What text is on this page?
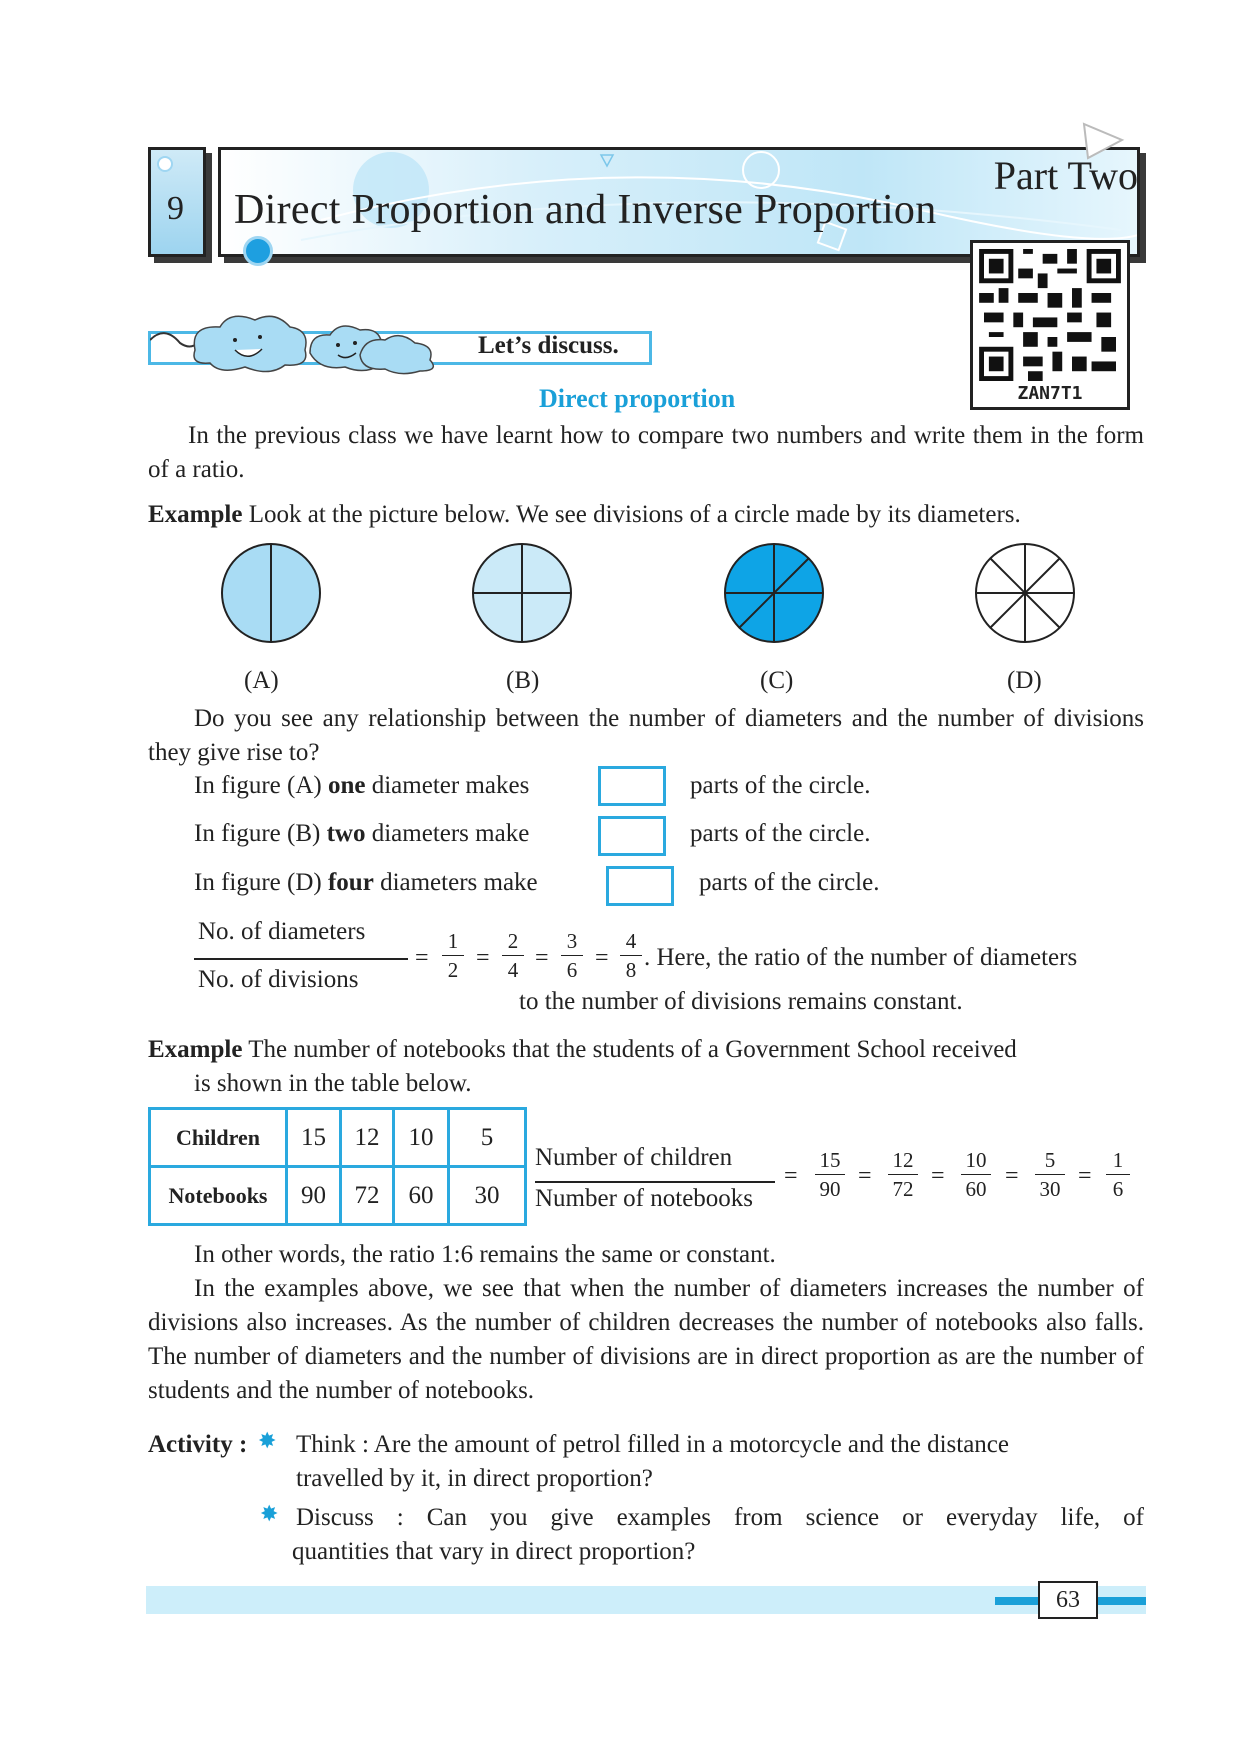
9
Part Two
Direct Proportion and Inverse Proportion
ZAN7T1
Let’s discuss.
Direct proportion
In the previous class we have learnt how to compare two numbers and write them in the form of a ratio.
Example Look at the picture below. We see divisions of a circle made by its diameters.
(A)	(B)	(C)	(D)
Do you see any relationship between the number of diameters and the number of divisions they give rise to?
In figure (A) one diameter makes	parts of the circle.
In figure (B) two diameters make	parts of the circle.
In figure (D) four diameters make	parts of the circle.
No. of diameters
No. of divisions
=
1
2 =
2
4 =
3
6 =
4
8 . Here, the ratio of the number of diameters
to the number of divisions remains constant.
Example The number of notebooks that the students of a Government School received
is shown in the table below.
Children	15	12	10	5
Notebooks	90	72	60	30
Number of children
Number of notebooks
=
15
90 =
12
72 =
10
60 =
5
30 =
1
6
In other words, the ratio 1:6 remains the same or constant.
In the examples above, we see that when the number of diameters increases the number of divisions also increases. As the number of children decreases the number of notebooks also falls. The number of diameters and the number of divisions are in direct proportion as are the number of students and the number of notebooks.
Activity : ✸ Think : Are the amount of petrol filled in a motorcycle and the distance
travelled by it, in direct proportion?
✸ Discuss : Can you give examples from science or everyday life, of
quantities that vary in direct proportion?
63
